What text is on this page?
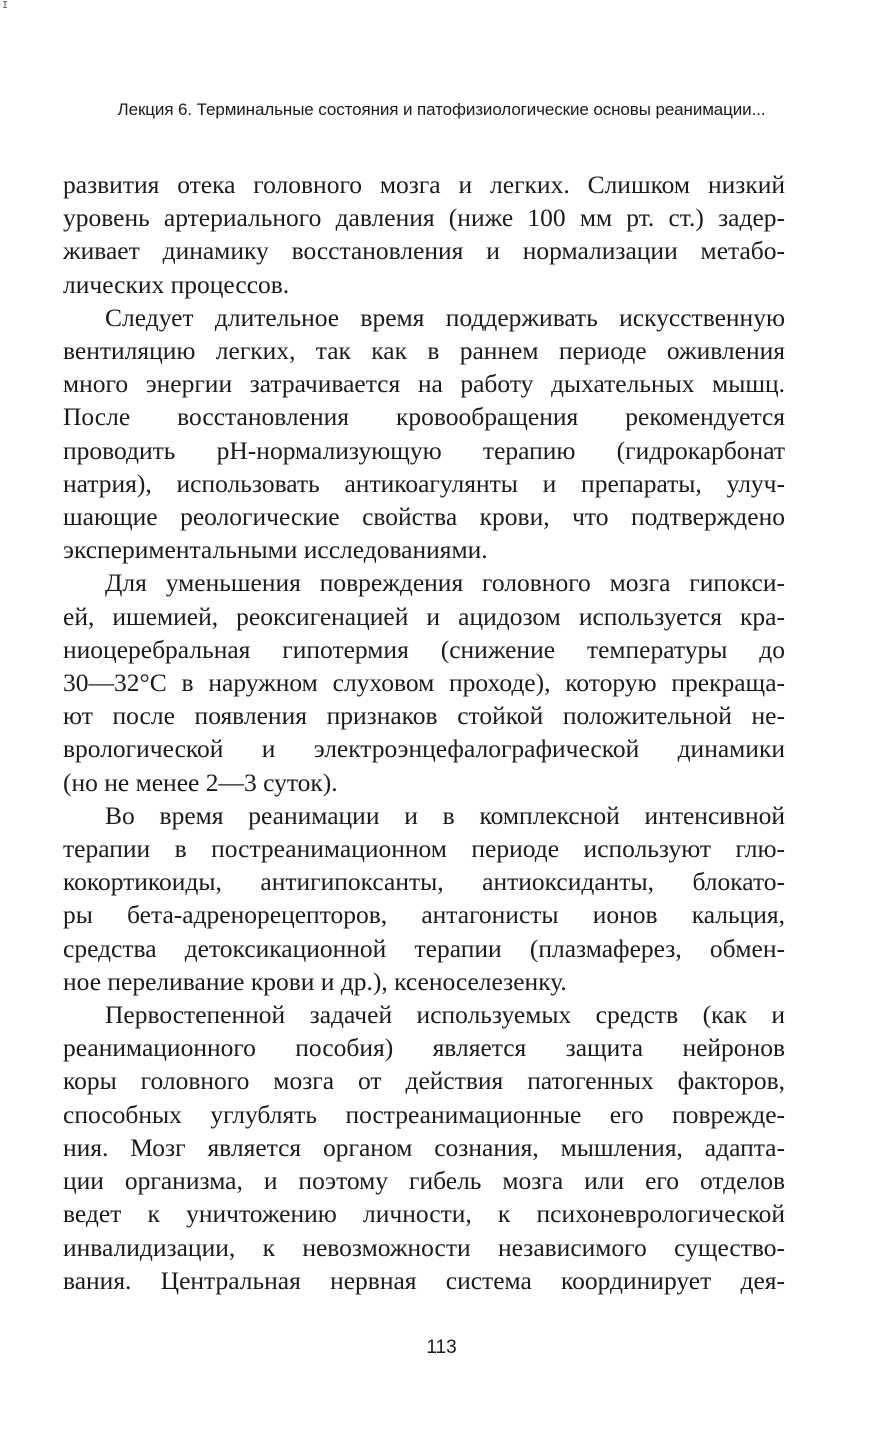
I
Лекция 6. Терминальные состояния и патофизиологические основы реанимации...

развития отека головного мозга и легких. Слишком низкий

уровень артериального давления (ниже 100 мм рт. ст.) задер-

живает динамику восстановления и нормализации метабо-

лических процессов.

Следует длительное время поддерживать искусственную

вентиляцию легких, так как в раннем периоде оживления

много энергии затрачивается на работу дыхательных мышц.

После восстановления кровообращения рекомендуется

проводить рН-нормализующую терапию (гидрокарбонат

натрия), использовать антикоагулянты и препараты, улуч-

шающие реологические свойства крови, что подтверждено

экспериментальными исследованиями.

Для уменьшения повреждения головного мозга гипокси-

ей, ишемией, реоксигенацией и ацидозом используется кра-

ниоцеребральная гипотермия (снижение температуры до

30—32°С в наружном слуховом проходе), которую прекраща-

ют после появления признаков стойкой положительной не-

врологической и электроэнцефалографической динамики

(но не менее 2—3 суток).

Во время реанимации и в комплексной интенсивной

терапии в постреанимационном периоде используют глю-

кокортикоиды, антигипоксанты, антиоксиданты, блокато-

ры бета-адренорецепторов, антагонисты ионов кальция,

средства детоксикационной терапии (плазмаферез, обмен-

ное переливание крови и др.), ксеноселезенку.

Первостепенной задачей используемых средств (как и

реанимационного пособия) является защита нейронов

коры головного мозга от действия патогенных факторов,

способных углублять постреанимационные его поврежде-

ния. Мозг является органом сознания, мышления, адапта-

ции организма, и поэтому гибель мозга или его отделов

ведет к уничтожению личности, к психоневрологической

инвалидизации, к невозможности независимого существо-

вания. Центральная нервная система координирует дея-

113
